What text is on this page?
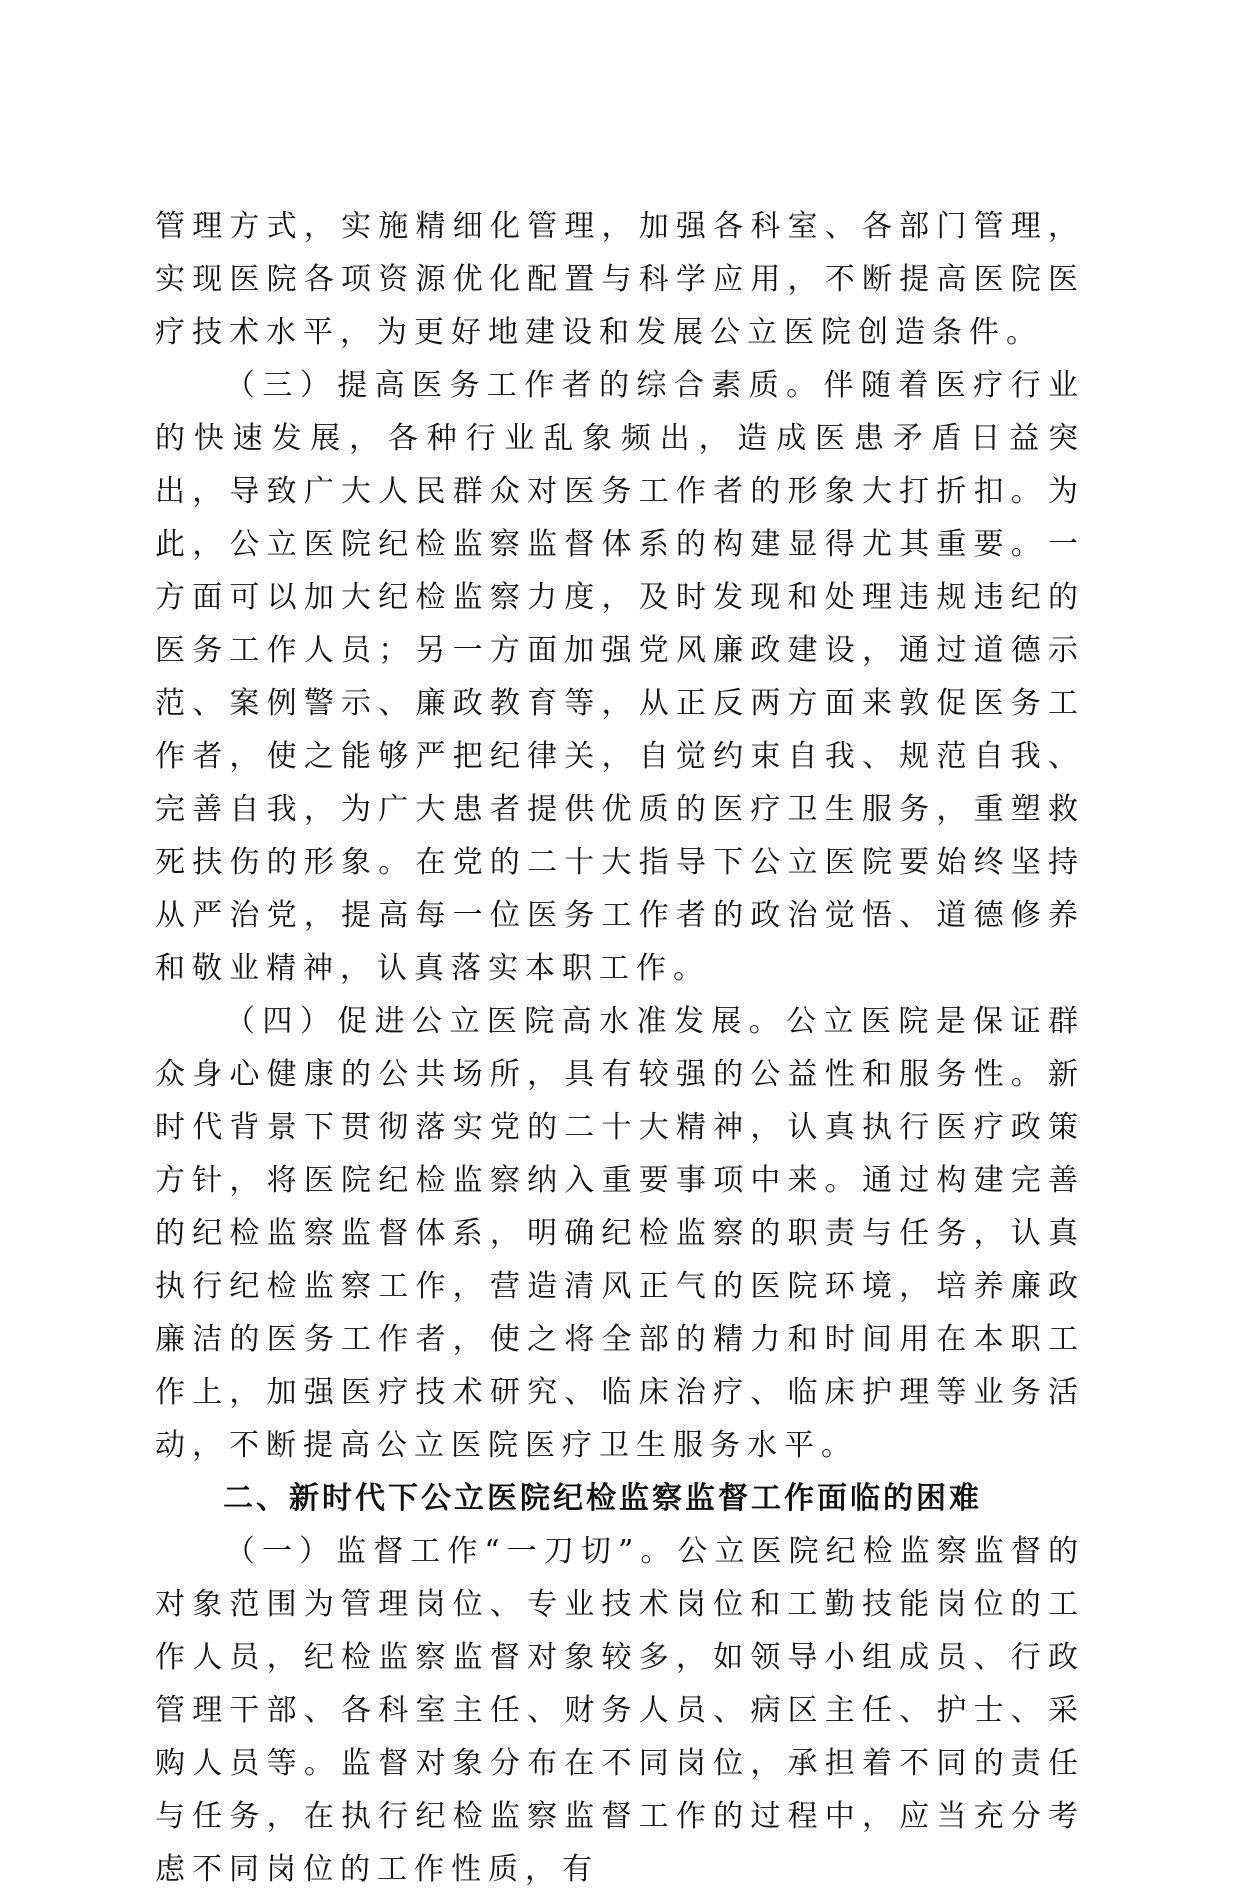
管理方式，实施精细化管理，加强各科室、各部门管理，实现医院各项资源优化配置与科学应用，不断提高医院医疗技术水平，为更好地建设和发展公立医院创造条件。

（三）提高医务工作者的综合素质。伴随着医疗行业的快速发展，各种行业乱象频出，造成医患矛盾日益突出，导致广大人民群众对医务工作者的形象大打折扣。为此，公立医院纪检监察监督体系的构建显得尤其重要。一方面可以加大纪检监察力度，及时发现和处理违规违纪的医务工作人员；另一方面加强党风廉政建设，通过道德示范、案例警示、廉政教育等，从正反两方面来敦促医务工作者，使之能够严把纪律关，自觉约束自我、规范自我、完善自我，为广大患者提供优质的医疗卫生服务，重塑救死扶伤的形象。在党的二十大指导下公立医院要始终坚持从严治党，提高每一位医务工作者的政治觉悟、道德修养和敬业精神，认真落实本职工作。

（四）促进公立医院高水准发展。公立医院是保证群众身心健康的公共场所，具有较强的公益性和服务性。新时代背景下贯彻落实党的二十大精神，认真执行医疗政策方针，将医院纪检监察纳入重要事项中来。通过构建完善的纪检监察监督体系，明确纪检监察的职责与任务，认真执行纪检监察工作，营造清风正气的医院环境，培养廉政廉洁的医务工作者，使之将全部的精力和时间用在本职工作上，加强医疗技术研究、临床治疗、临床护理等业务活动，不断提高公立医院医疗卫生服务水平。

二、新时代下公立医院纪检监察监督工作面临的困难

（一）监督工作“一刀切”。公立医院纪检监察监督的对象范围为管理岗位、专业技术岗位和工勤技能岗位的工作人员，纪检监察监督对象较多，如领导小组成员、行政管理干部、各科室主任、财务人员、病区主任、护士、采购人员等。监督对象分布在不同岗位，承担着不同的责任与任务，在执行纪检监察监督工作的过程中，应当充分考虑不同岗位的工作性质，有
